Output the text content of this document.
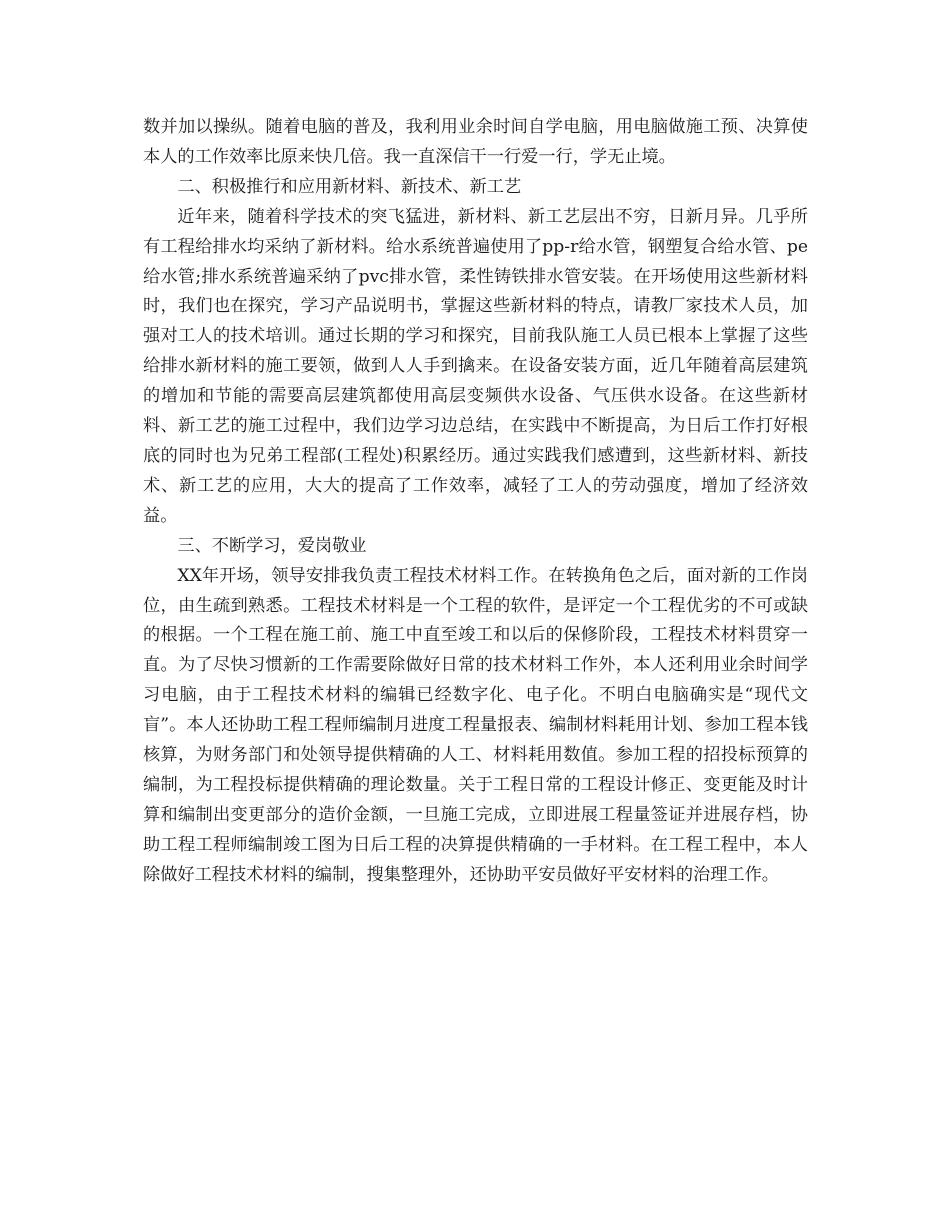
数并加以操纵。随着电脑的普及，我利用业余时间自学电脑，用电脑做施工预、决算使本人的工作效率比原来快几倍。我一直深信干一行爱一行，学无止境。

二、积极推行和应用新材料、新技术、新工艺

近年来，随着科学技术的突飞猛进，新材料、新工艺层出不穷，日新月异。几乎所有工程给排水均采纳了新材料。给水系统普遍使用了pp-r给水管，钢塑复合给水管、pe给水管;排水系统普遍采纳了pvc排水管，柔性铸铁排水管安装。在开场使用这些新材料时，我们也在探究，学习产品说明书，掌握这些新材料的特点，请教厂家技术人员，加强对工人的技术培训。通过长期的学习和探究，目前我队施工人员已根本上掌握了这些给排水新材料的施工要领，做到人人手到擒来。在设备安装方面，近几年随着高层建筑的增加和节能的需要高层建筑都使用高层变频供水设备、气压供水设备。在这些新材料、新工艺的施工过程中，我们边学习边总结，在实践中不断提高，为日后工作打好根底的同时也为兄弟工程部(工程处)积累经历。通过实践我们感遭到，这些新材料、新技术、新工艺的应用，大大的提高了工作效率，减轻了工人的劳动强度，增加了经济效益。

三、不断学习，爱岗敬业

XX年开场，领导安排我负责工程技术材料工作。在转换角色之后，面对新的工作岗位，由生疏到熟悉。工程技术材料是一个工程的软件，是评定一个工程优劣的不可或缺的根据。一个工程在施工前、施工中直至竣工和以后的保修阶段，工程技术材料贯穿一直。为了尽快习惯新的工作需要除做好日常的技术材料工作外，本人还利用业余时间学习电脑，由于工程技术材料的编辑已经数字化、电子化。不明白电脑确实是“现代文盲”。本人还协助工程工程师编制月进度工程量报表、编制材料耗用计划、参加工程本钱核算，为财务部门和处领导提供精确的人工、材料耗用数值。参加工程的招投标预算的编制，为工程投标提供精确的理论数量。关于工程日常的工程设计修正、变更能及时计算和编制出变更部分的造价金额，一旦施工完成，立即进展工程量签证并进展存档，协助工程工程师编制竣工图为日后工程的决算提供精确的一手材料。在工程工程中，本人除做好工程技术材料的编制，搜集整理外，还协助平安员做好平安材料的治理工作。
